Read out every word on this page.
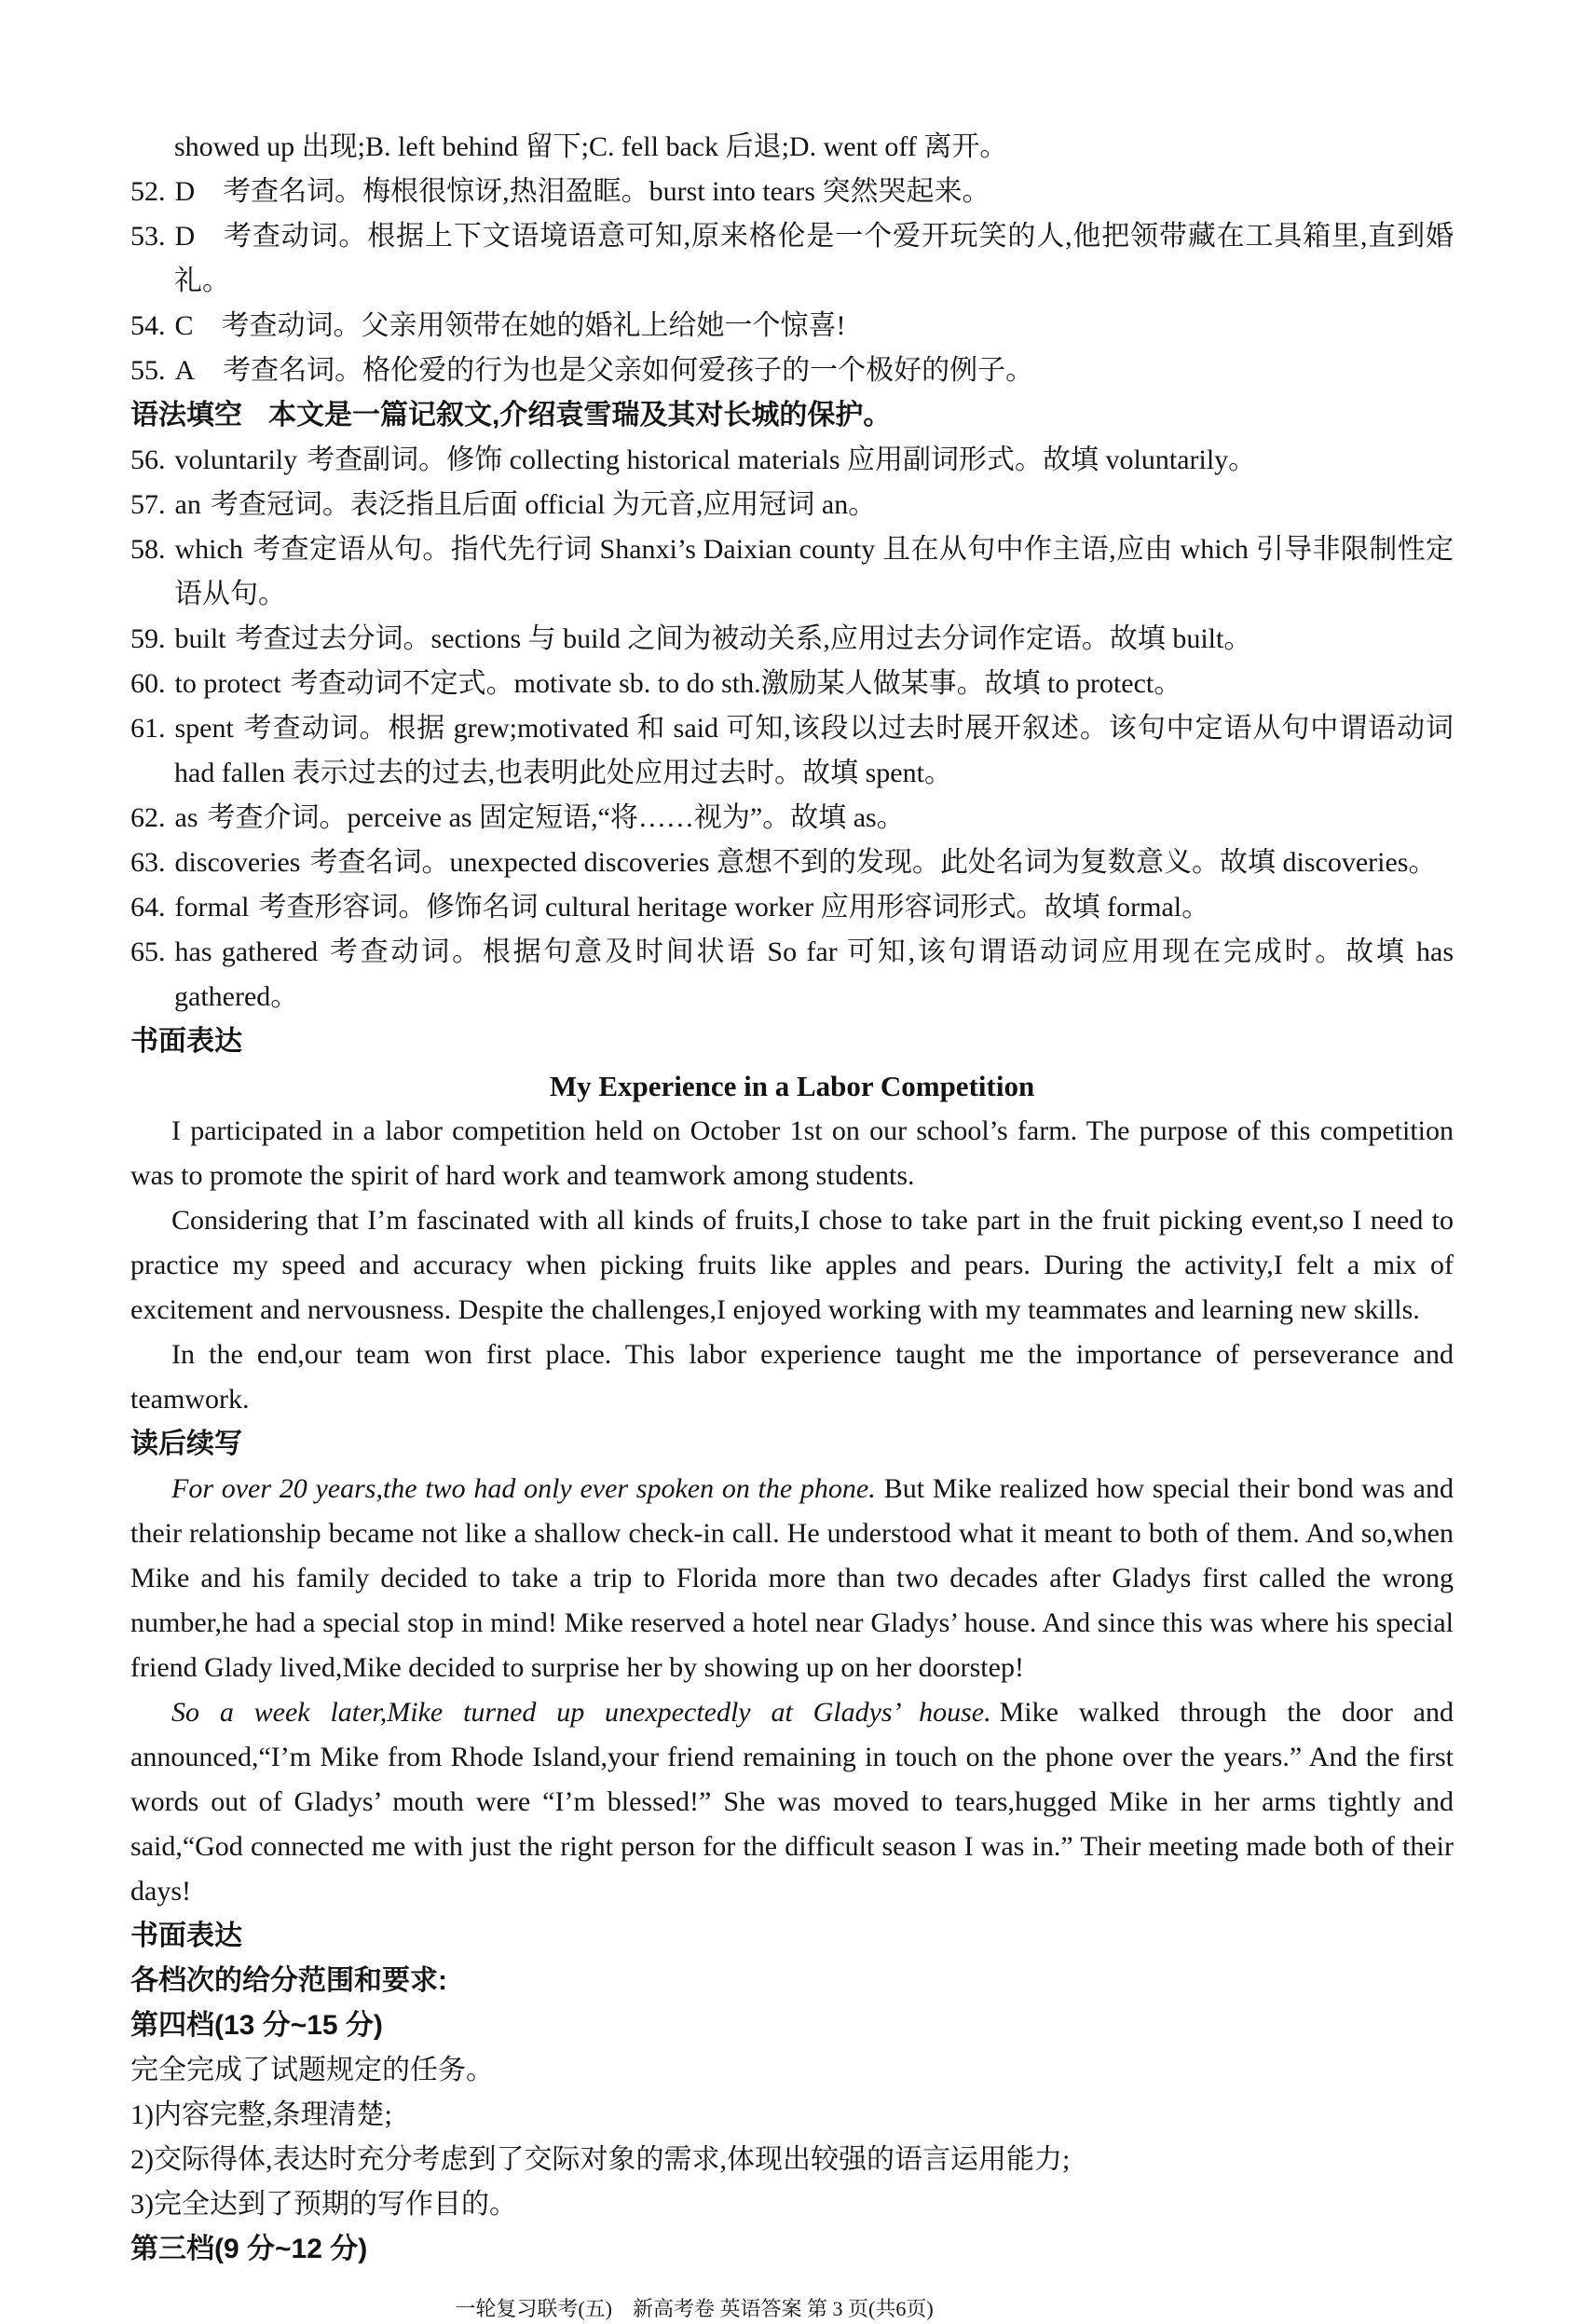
showed up 出现;B. left behind 留下;C. fell back 后退;D. went off 离开。
52. D 考查名词。梅根很惊讶,热泪盈眶。burst into tears 突然哭起来。
53. D 考查动词。根据上下文语境语意可知,原来格伦是一个爱开玩笑的人,他把领带藏在工具箱里,直到婚礼。
54. C 考查动词。父亲用领带在她的婚礼上给她一个惊喜!
55. A 考查名词。格伦爱的行为也是父亲如何爱孩子的一个极好的例子。
语法填空 本文是一篇记叙文,介绍袁雪瑞及其对长城的保护。
56. voluntarily 考查副词。修饰 collecting historical materials 应用副词形式。故填 voluntarily。
57. an 考查冠词。表泛指且后面 official 为元音,应用冠词 an。
58. which 考查定语从句。指代先行词 Shanxi’s Daixian county 且在从句中作主语,应由 which 引导非限制性定语从句。
59. built 考查过去分词。sections 与 build 之间为被动关系,应用过去分词作定语。故填 built。
60. to protect 考查动词不定式。motivate sb. to do sth.激励某人做某事。故填 to protect。
61. spent 考查动词。根据 grew;motivated 和 said 可知,该段以过去时展开叙述。该句中定语从句中谓语动词 had fallen 表示过去的过去,也表明此处应用过去时。故填 spent。
62. as 考查介词。perceive as 固定短语,“将……视为”。故填 as。
63. discoveries 考查名词。unexpected discoveries 意想不到的发现。此处名词为复数意义。故填 discoveries。
64. formal 考查形容词。修饰名词 cultural heritage worker 应用形容词形式。故填 formal。
65. has gathered 考查动词。根据句意及时间状语 So far 可知,该句谓语动词应用现在完成时。故填 has gathered。
书面表达
My Experience in a Labor Competition
I participated in a labor competition held on October 1st on our school’s farm. The purpose of this competition was to promote the spirit of hard work and teamwork among students.
Considering that I’m fascinated with all kinds of fruits,I chose to take part in the fruit picking event,so I need to practice my speed and accuracy when picking fruits like apples and pears. During the activity,I felt a mix of excitement and nervousness. Despite the challenges,I enjoyed working with my teammates and learning new skills.
In the end,our team won first place. This labor experience taught me the importance of perseverance and teamwork.
读后续写
For over 20 years,the two had only ever spoken on the phone. But Mike realized how special their bond was and their relationship became not like a shallow check-in call. He understood what it meant to both of them. And so,when Mike and his family decided to take a trip to Florida more than two decades after Gladys first called the wrong number,he had a special stop in mind! Mike reserved a hotel near Gladys’ house. And since this was where his special friend Glady lived,Mike decided to surprise her by showing up on her doorstep!
So a week later,Mike turned up unexpectedly at Gladys’ house. Mike walked through the door and announced,“I’m Mike from Rhode Island,your friend remaining in touch on the phone over the years.” And the first words out of Gladys’ mouth were “I’m blessed!” She was moved to tears,hugged Mike in her arms tightly and said,“God connected me with just the right person for the difficult season I was in.” Their meeting made both of their days!
书面表达
各档次的给分范围和要求:
第四档(13 分~15 分)
完全完成了试题规定的任务。
1)内容完整,条理清楚;
2)交际得体,表达时充分考虑到了交际对象的需求,体现出较强的语言运用能力;
3)完全达到了预期的写作目的。
第三档(9 分~12 分)
一轮复习联考(五)　新高考卷 英语答案 第 3 页(共6页)
